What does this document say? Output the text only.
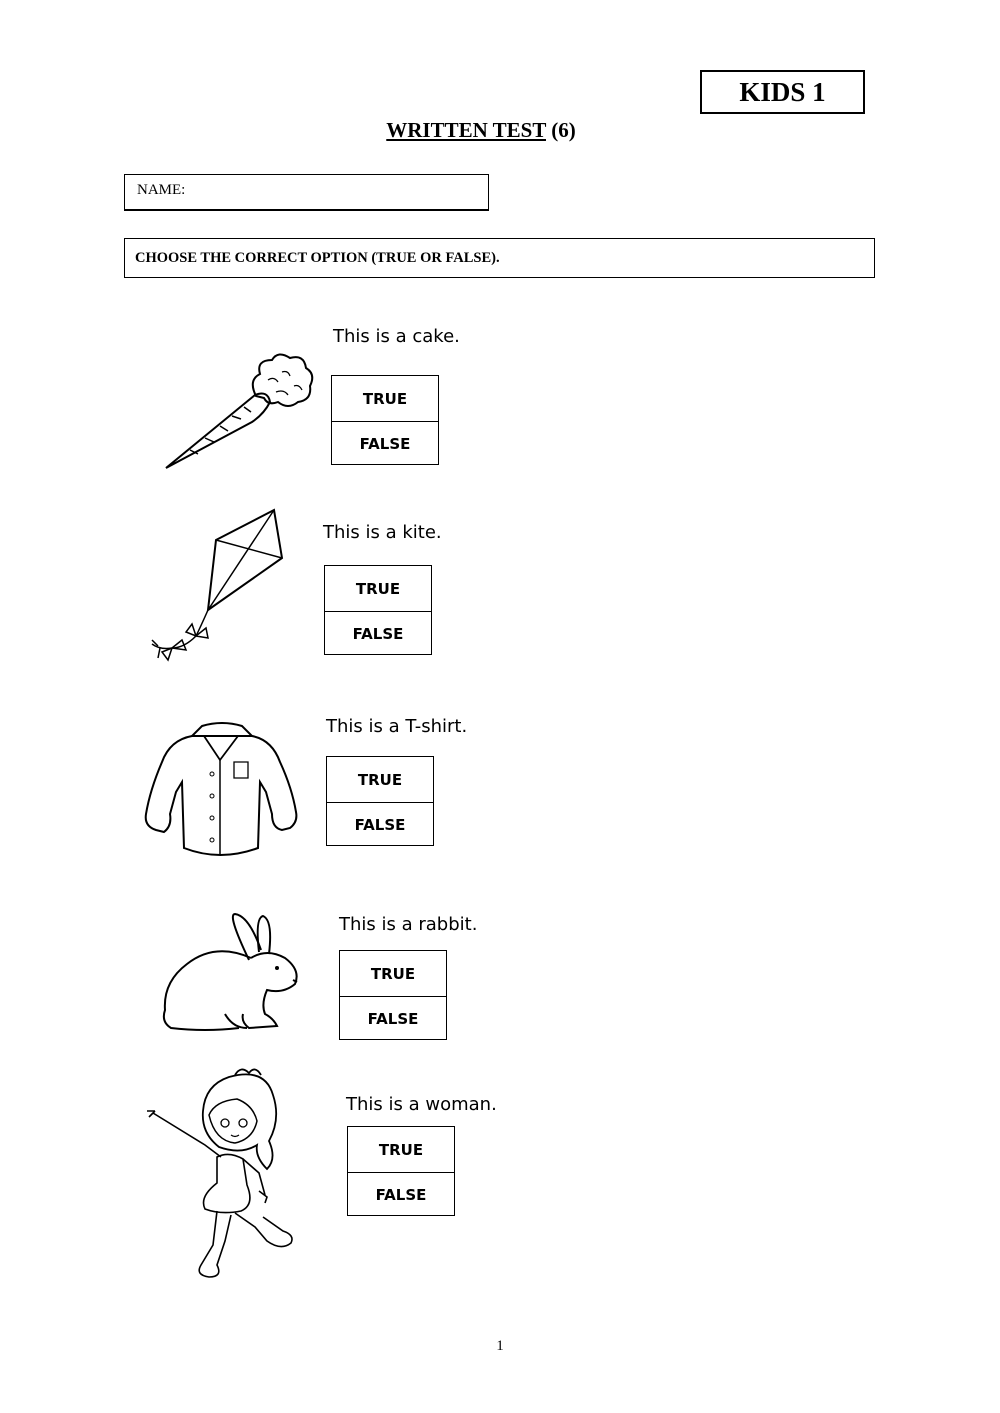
KIDS 1
WRITTEN TEST (6)
NAME:
CHOOSE THE CORRECT OPTION (TRUE OR FALSE).
This is a cake.
TRUE
FALSE
This is a kite.
TRUE
FALSE
This is a T-shirt.
TRUE
FALSE
This is a rabbit.
TRUE
FALSE
This is a woman.
TRUE
FALSE
1
